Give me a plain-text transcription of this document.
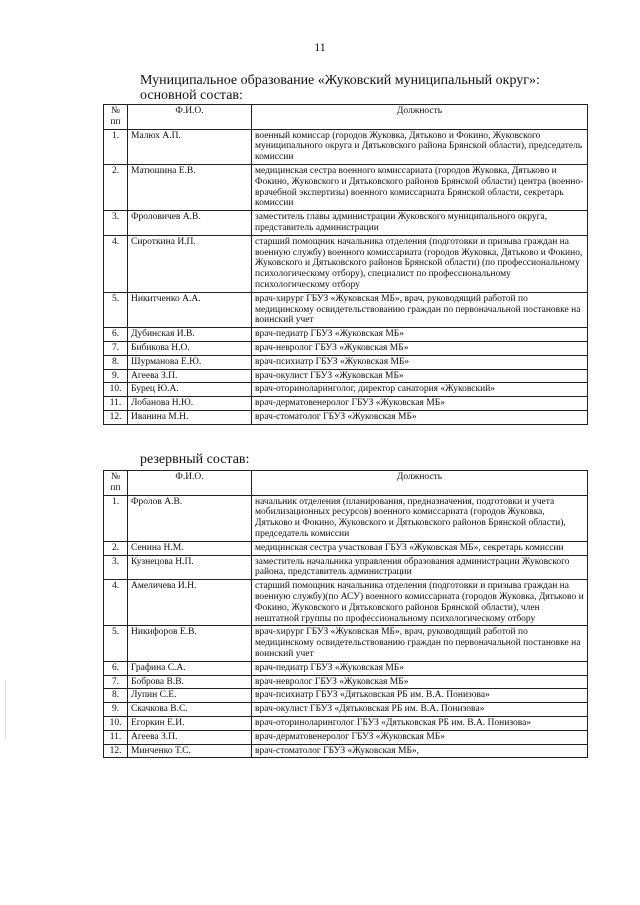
11
Муниципальное образование «Жуковский муниципальный округ»:
основной состав:
№
пп	Ф.И.О.	Должность
1.	Малюх А.П.	военный комиссар (городов Жуковка, Дятьково и Фокино, Жуковского муниципального округа и Дятьковского района Брянской области), председатель комиссии
2.	Матюшина Е.В.	медицинская сестра военного комиссариата (городов Жуковка, Дятьково и Фокино, Жуковского и Дятьковского районов Брянской области) центра (военно-врачебной экспертизы) военного комиссариата Брянской области, секретарь комиссии
3.	Фроловичев А.В.	заместитель главы администрации Жуковского муниципального округа, представитель администрации
4.	Сироткина И.П.	старший помощник начальника отделения (подготовки и призыва граждан на военную службу) военного комиссариата (городов Жуковка, Дятьково и Фокино, Жуковского и Дятьковского районов Брянской области) (по профессиональному психологическому отбору), специалист по профессиональному психологическому отбору
5.	Никитченко А.А.	врач-хирург ГБУЗ «Жуковская МБ», врач, руководящий работой по медицинскому освидетельствованию граждан по первоначальной постановке на воинский учет
6.	Дубинская И.В.	врач-педиатр ГБУЗ «Жуковская МБ»
7.	Бибикова Н.О.	врач-невролог ГБУЗ «Жуковская МБ»
8.	Шурманова Е.Ю.	врач-психиатр ГБУЗ «Жуковская МБ»
9.	Агеева З.П.	врач-окулист ГБУЗ «Жуковская МБ»
10.	Бурец Ю.А.	врач-оториноларинголог, директор санатория «Жуковский»
11.	Лобанова Н.Ю.	врач-дерматовенеролог ГБУЗ «Жуковская МБ»
12.	Иванина М.Н.	врач-стоматолог ГБУЗ «Жуковская МБ»
резервный состав:
№
пп	Ф.И.О.	Должность
1.	Фролов А.В.	начальник отделения (планирования, предназначения, подготовки и учета мобилизационных ресурсов) военного комиссариата (городов Жуковка, Дятьково и Фокино, Жуковского и Дятьковского районов Брянской области), председатель комиссии
2.	Сенина Н.М.	медицинская сестра участковая ГБУЗ «Жуковская МБ», секретарь комиссии
3.	Кузнецова Н.П.	заместитель начальника управления образования администрации Жуковского района, представитель администрации
4.	Амеличева И.Н.	старший помощник начальника отделения (подготовки и призыва граждан на военную службу)(по АСУ) военного комиссариата (городов Жуковка, Дятьково и Фокино, Жуковского и Дятьковского районов Брянской области), член нештатной группы по профессиональному психологическому отбору
5.	Никифоров Е.В.	врач-хирург ГБУЗ «Жуковская МБ», врач, руководящий работой по медицинскому освидетельствованию граждан по первоначальной постановке на воинский учет
6.	Графина С.А.	врач-педиатр ГБУЗ «Жуковская МБ»
7.	Боброва В.В.	врач-невролог ГБУЗ «Жуковская МБ»
8.	Лупин С.Е.	врач-психиатр ГБУЗ «Дятьковская РБ им. В.А. Понизова»
9.	Скачкова В.С.	врач-окулист ГБУЗ «Дятьковская РБ им. В.А. Понизова»
10.	Егоркин Е.И.	врач-оториноларинголог ГБУЗ «Дятьковская РБ им. В.А. Понизова»
11.	Агеева З.П.	врач-дерматовенеролог ГБУЗ «Жуковская МБ»
12.	Минченко Т.С.	врач-стоматолог ГБУЗ «Жуковская МБ»,
